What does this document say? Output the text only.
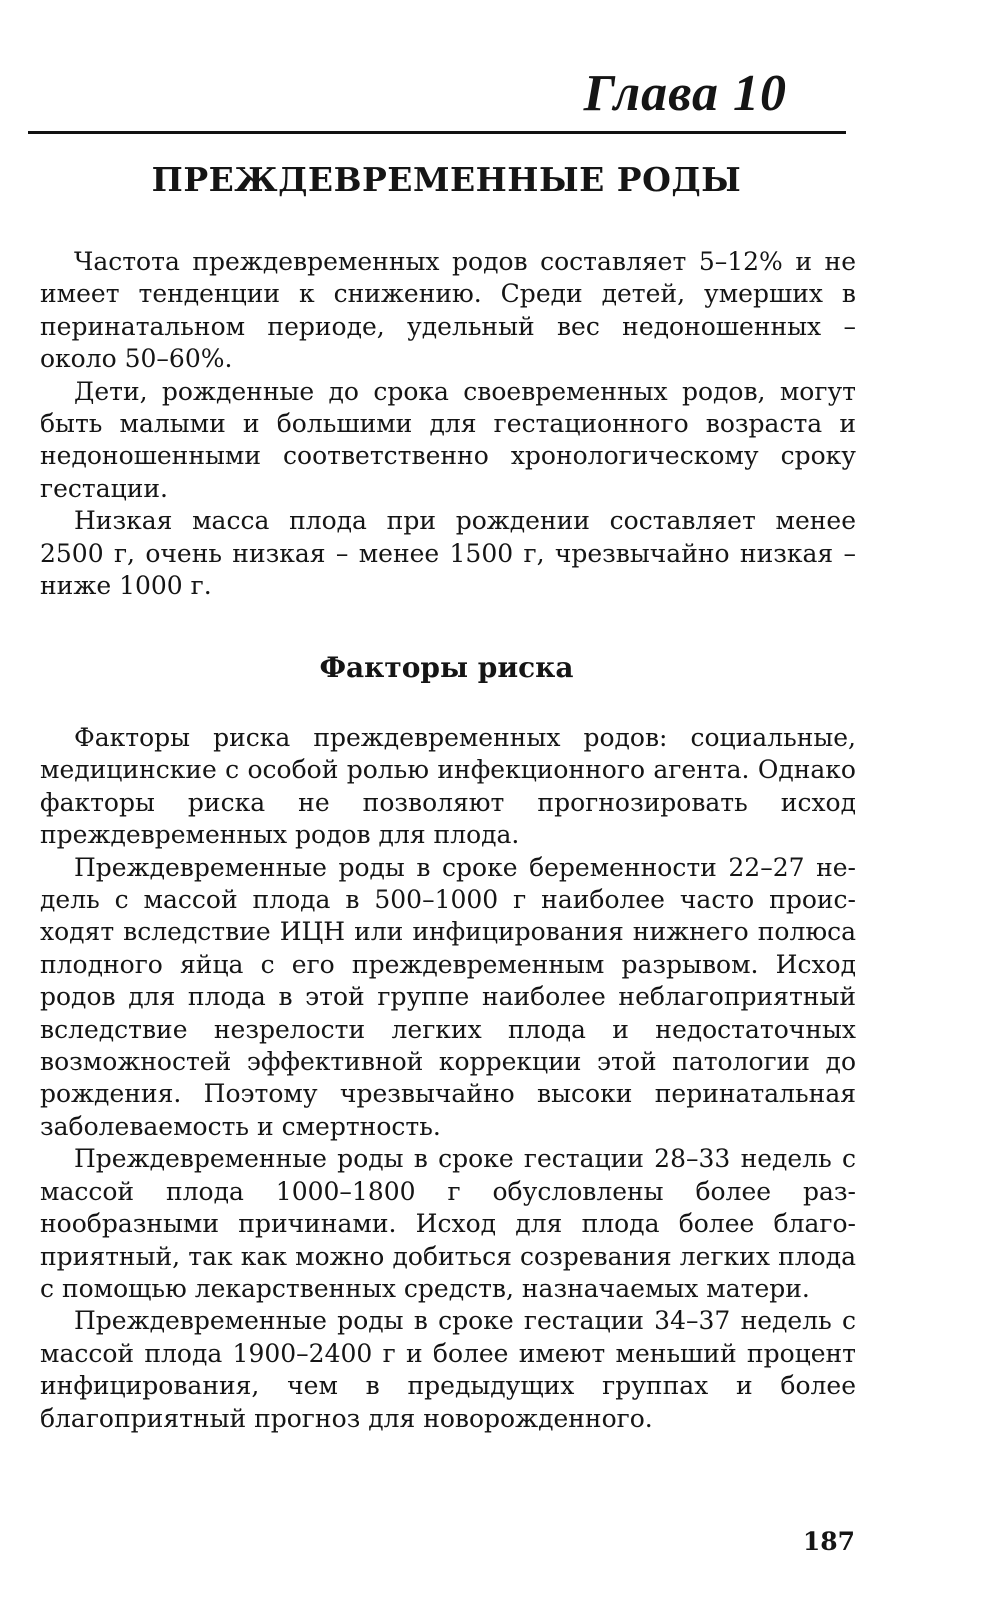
Глава 10
ПРЕЖДЕВРЕМЕННЫЕ РОДЫ

Частота преждевременных родов составляет 5–12% и не имеет тенденции к снижению. Среди детей, умерших в перинатальном периоде, удельный вес недоношенных – около 50–60%.

Дети, рожденные до срока своевременных родов, могут быть малыми и большими для гестационного возраста и недоношенными соответственно хронологическому сроку гестации.

Низкая масса плода при рождении составляет менее 2500 г, очень низкая – менее 1500 г, чрезвычайно низкая – ниже 1000 г.

Факторы риска

Факторы риска преждевременных родов: социальные, медицинские с особой ролью инфекционного агента. Однако факторы риска не позволяют прогнозировать исход преждевременных родов для плода.

Преждевременные роды в сроке беременности 22–27 недель с массой плода в 500–1000 г наиболее часто происходят вследствие ИЦН или инфицирования нижнего полюса плодного яйца с его преждевременным разрывом. Исход родов для плода в этой группе наиболее неблагоприятный вследствие незрелости легких плода и недостаточных возможностей эффективной коррекции этой патологии до рождения. Поэтому чрезвычайно высоки перинатальная заболеваемость и смертность.

Преждевременные роды в сроке гестации 28–33 недель с массой плода 1000–1800 г обусловлены более разнообразными причинами. Исход для плода более благоприятный, так как можно добиться созревания легких плода с помощью лекарственных средств, назначаемых матери.

Преждевременные роды в сроке гестации 34–37 недель с массой плода 1900–2400 г и более имеют меньший процент инфицирования, чем в предыдущих группах и более благоприятный прогноз для новорожденного.

187
